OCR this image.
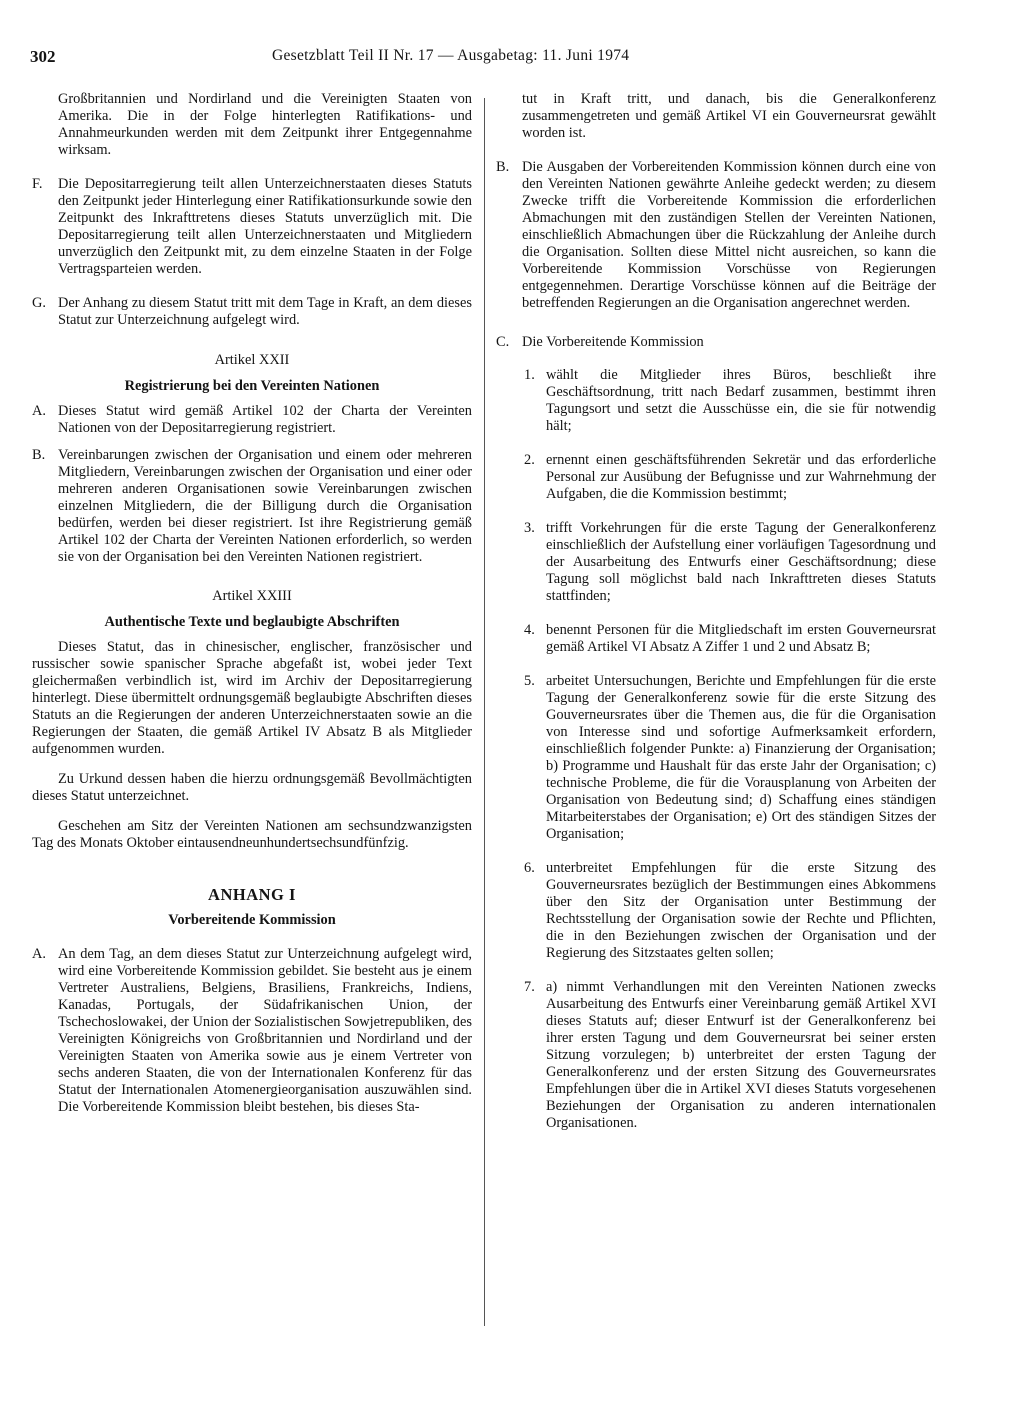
302	Gesetzblatt Teil II Nr. 17 — Ausgabetag: 11. Juni 1974

Großbritannien und Nordirland und die Vereinigten Staaten von Amerika. Die in der Folge hinterlegten Ratifikations- und Annahmeurkunden werden mit dem Zeitpunkt ihrer Entgegennahme wirksam.

F. Die Depositarregierung teilt allen Unterzeichnerstaaten dieses Statuts den Zeitpunkt jeder Hinterlegung einer Ratifikationsurkunde sowie den Zeitpunkt des Inkrafttretens dieses Statuts unverzüglich mit. Die Depositarregierung teilt allen Unterzeichnerstaaten und Mitgliedern unverzüglich den Zeitpunkt mit, zu dem einzelne Staaten in der Folge Vertragsparteien werden.

G. Der Anhang zu diesem Statut tritt mit dem Tage in Kraft, an dem dieses Statut zur Unterzeichnung aufgelegt wird.

Artikel XXII

Registrierung bei den Vereinten Nationen

A. Dieses Statut wird gemäß Artikel 102 der Charta der Vereinten Nationen von der Depositarregierung registriert.

B. Vereinbarungen zwischen der Organisation und einem oder mehreren Mitgliedern, Vereinbarungen zwischen der Organisation und einer oder mehreren anderen Organisationen sowie Vereinbarungen zwischen einzelnen Mitgliedern, die der Billigung durch die Organisation bedürfen, werden bei dieser registriert. Ist ihre Registrierung gemäß Artikel 102 der Charta der Vereinten Nationen erforderlich, so werden sie von der Organisation bei den Vereinten Nationen registriert.

Artikel XXIII

Authentische Texte und beglaubigte Abschriften

Dieses Statut, das in chinesischer, englischer, französischer und russischer sowie spanischer Sprache abgefaßt ist, wobei jeder Text gleichermaßen verbindlich ist, wird im Archiv der Depositarregierung hinterlegt. Diese übermittelt ordnungsgemäß beglaubigte Abschriften dieses Statuts an die Regierungen der anderen Unterzeichnerstaaten sowie an die Regierungen der Staaten, die gemäß Artikel IV Absatz B als Mitglieder aufgenommen wurden.

Zu Urkund dessen haben die hierzu ordnungsgemäß Bevollmächtigten dieses Statut unterzeichnet.

Geschehen am Sitz der Vereinten Nationen am sechsundzwanzigsten Tag des Monats Oktober eintausendneunhundertsechsundfünfzig.

ANHANG I

Vorbereitende Kommission

A. An dem Tag, an dem dieses Statut zur Unterzeichnung aufgelegt wird, wird eine Vorbereitende Kommission gebildet. Sie besteht aus je einem Vertreter Australiens, Belgiens, Brasiliens, Frankreichs, Indiens, Kanadas, Portugals, der Südafrikanischen Union, der Tschechoslowakei, der Union der Sozialistischen Sowjetrepubliken, des Vereinigten Königreichs von Großbritannien und Nordirland und der Vereinigten Staaten von Amerika sowie aus je einem Vertreter von sechs anderen Staaten, die von der Internationalen Konferenz für das Statut der Internationalen Atomenergieorganisation auszuwählen sind. Die Vorbereitende Kommission bleibt bestehen, bis dieses Sta-

tut in Kraft tritt, und danach, bis die Generalkonferenz zusammengetreten und gemäß Artikel VI ein Gouverneursrat gewählt worden ist.

B. Die Ausgaben der Vorbereitenden Kommission können durch eine von den Vereinten Nationen gewährte Anleihe gedeckt werden; zu diesem Zwecke trifft die Vorbereitende Kommission die erforderlichen Abmachungen mit den zuständigen Stellen der Vereinten Nationen, einschließlich Abmachungen über die Rückzahlung der Anleihe durch die Organisation. Sollten diese Mittel nicht ausreichen, so kann die Vorbereitende Kommission Vorschüsse von Regierungen entgegennehmen. Derartige Vorschüsse können auf die Beiträge der betreffenden Regierungen an die Organisation angerechnet werden.

C. Die Vorbereitende Kommission

1. wählt die Mitglieder ihres Büros, beschließt ihre Geschäftsordnung, tritt nach Bedarf zusammen, bestimmt ihren Tagungsort und setzt die Ausschüsse ein, die sie für notwendig hält;

2. ernennt einen geschäftsführenden Sekretär und das erforderliche Personal zur Ausübung der Befugnisse und zur Wahrnehmung der Aufgaben, die die Kommission bestimmt;

3. trifft Vorkehrungen für die erste Tagung der Generalkonferenz einschließlich der Aufstellung einer vorläufigen Tagesordnung und der Ausarbeitung des Entwurfs einer Geschäftsordnung; diese Tagung soll möglichst bald nach Inkrafttreten dieses Statuts stattfinden;

4. benennt Personen für die Mitgliedschaft im ersten Gouverneursrat gemäß Artikel VI Absatz A Ziffer 1 und 2 und Absatz B;

5. arbeitet Untersuchungen, Berichte und Empfehlungen für die erste Tagung der Generalkonferenz sowie für die erste Sitzung des Gouverneursrates über die Themen aus, die für die Organisation von Interesse sind und sofortige Aufmerksamkeit erfordern, einschließlich folgender Punkte: a) Finanzierung der Organisation; b) Programme und Haushalt für das erste Jahr der Organisation; c) technische Probleme, die für die Vorausplanung von Arbeiten der Organisation von Bedeutung sind; d) Schaffung eines ständigen Mitarbeiterstabes der Organisation; e) Ort des ständigen Sitzes der Organisation;

6. unterbreitet Empfehlungen für die erste Sitzung des Gouverneursrates bezüglich der Bestimmungen eines Abkommens über den Sitz der Organisation unter Bestimmung der Rechtsstellung der Organisation sowie der Rechte und Pflichten, die in den Beziehungen zwischen der Organisation und der Regierung des Sitzstaates gelten sollen;

7. a) nimmt Verhandlungen mit den Vereinten Nationen zwecks Ausarbeitung des Entwurfs einer Vereinbarung gemäß Artikel XVI dieses Statuts auf; dieser Entwurf ist der Generalkonferenz bei ihrer ersten Tagung und dem Gouverneursrat bei seiner ersten Sitzung vorzulegen; b) unterbreitet der ersten Tagung der Generalkonferenz und der ersten Sitzung des Gouverneursrates Empfehlungen über die in Artikel XVI dieses Statuts vorgesehenen Beziehungen der Organisation zu anderen internationalen Organisationen.
